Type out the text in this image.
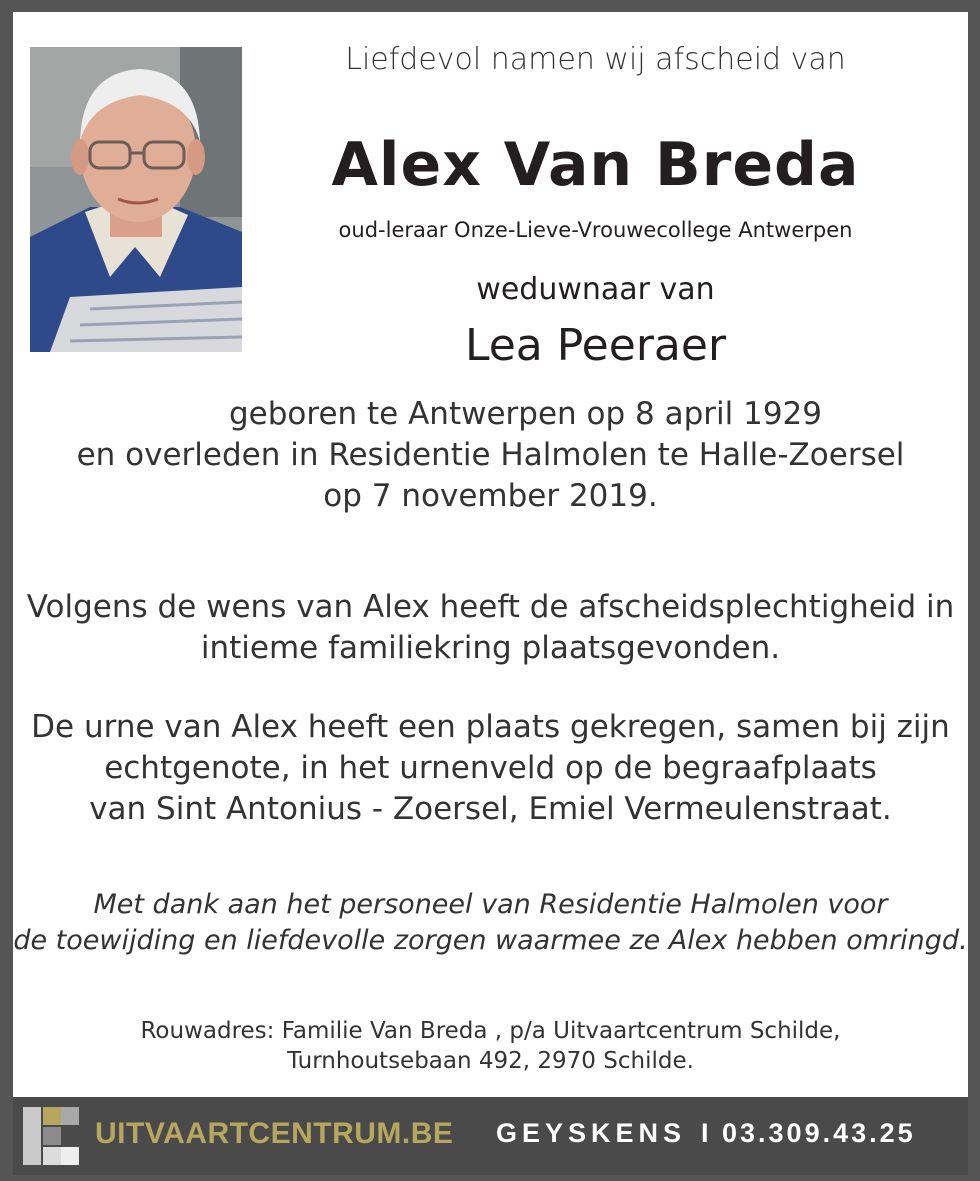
Liefdevol namen wij afscheid van
Alex Van Breda
oud-leraar Onze-Lieve-Vrouwecollege Antwerpen
weduwnaar van
Lea Peeraer
geboren te Antwerpen op 8 april 1929
en overleden in Residentie Halmolen te Halle-Zoersel
op 7 november 2019.
Volgens de wens van Alex heeft de afscheidsplechtigheid in
intieme familiekring plaatsgevonden.
De urne van Alex heeft een plaats gekregen, samen bij zijn
echtgenote, in het urnenveld op de begraafplaats
van Sint Antonius - Zoersel, Emiel Vermeulenstraat.
Met dank aan het personeel van Residentie Halmolen voor
de toewijding en liefdevolle zorgen waarmee ze Alex hebben omringd.
Rouwadres: Familie Van Breda , p/a Uitvaartcentrum Schilde,
Turnhoutsebaan 492, 2970 Schilde.
UITVAARTCENTRUM.BE GEYSKENS I 03.309.43.25
